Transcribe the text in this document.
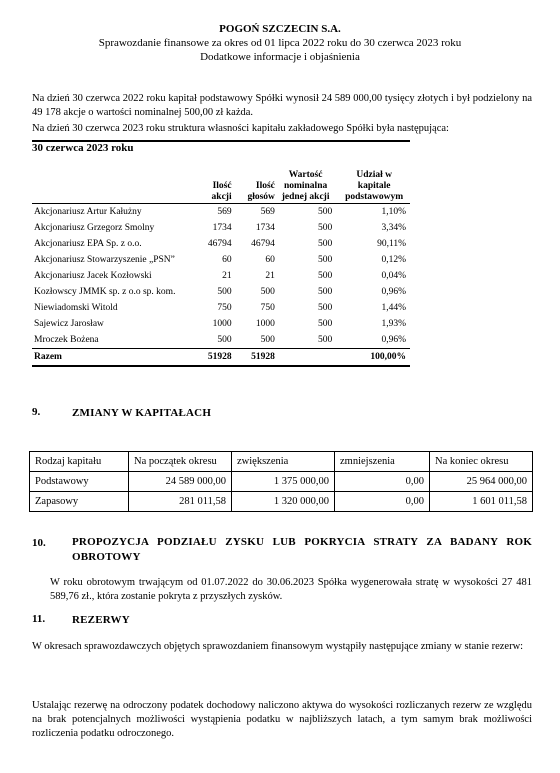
POGOŃ SZCZECIN S.A.
Sprawozdanie finansowe za okres od 01 lipca 2022 roku do 30 czerwca 2023 roku
Dodatkowe informacje i objaśnienia
Na dzień 30 czerwca 2022 roku kapitał podstawowy Spółki wynosił 24 589 000,00 tysięcy złotych i był podzielony na 49 178 akcje o wartości nominalnej 500,00 zł każda.
Na dzień 30 czerwca 2023 roku struktura własności kapitału zakładowego Spółki była następująca:
30 czerwca 2023 roku
	Ilość akcji	Ilość głosów	Wartość nominalna jednej akcji	Udział w kapitale podstawowym
Akcjonariusz Artur Kałużny	569	569	500	1,10%
Akcjonariusz Grzegorz Smolny	1734	1734	500	3,34%
Akcjonariusz EPA Sp. z o.o.	46794	46794	500	90,11%
Akcjonariusz Stowarzyszenie „PSN”	60	60	500	0,12%
Akcjonariusz Jacek Kozłowski	21	21	500	0,04%
Kozłowscy JMMK sp. z o.o sp. kom.	500	500	500	0,96%
Niewiadomski Witold	750	750	500	1,44%
Sajewicz Jarosław	1000	1000	500	1,93%
Mroczek Bożena	500	500	500	0,96%
Razem	51928	51928		100,00%
9.	ZMIANY W KAPITAŁACH
Rodzaj kapitału	Na początek okresu	zwiększenia	zmniejszenia	Na koniec okresu
Podstawowy	24 589 000,00	1 375 000,00	0,00	25 964 000,00
Zapasowy	281 011,58	1 320 000,00	0,00	1 601 011,58
10. PROPOZYCJA PODZIAŁU ZYSKU LUB POKRYCIA STRATY ZA BADANY ROK OBROTOWY
W roku obrotowym trwającym od 01.07.2022 do 30.06.2023 Spółka wygenerowała stratę w wysokości 27 481 589,76 zł., która zostanie pokryta z przyszłych zysków.
11. REZERWY
W okresach sprawozdawczych objętych sprawozdaniem finansowym wystąpiły następujące zmiany w stanie rezerw:
Ustalając rezerwę na odroczony podatek dochodowy naliczono aktywa do wysokości rozliczanych rezerw ze względu na brak potencjalnych możliwości wystąpienia podatku w najbliższych latach, a tym samym brak możliwości rozliczenia podatku odroczonego.
